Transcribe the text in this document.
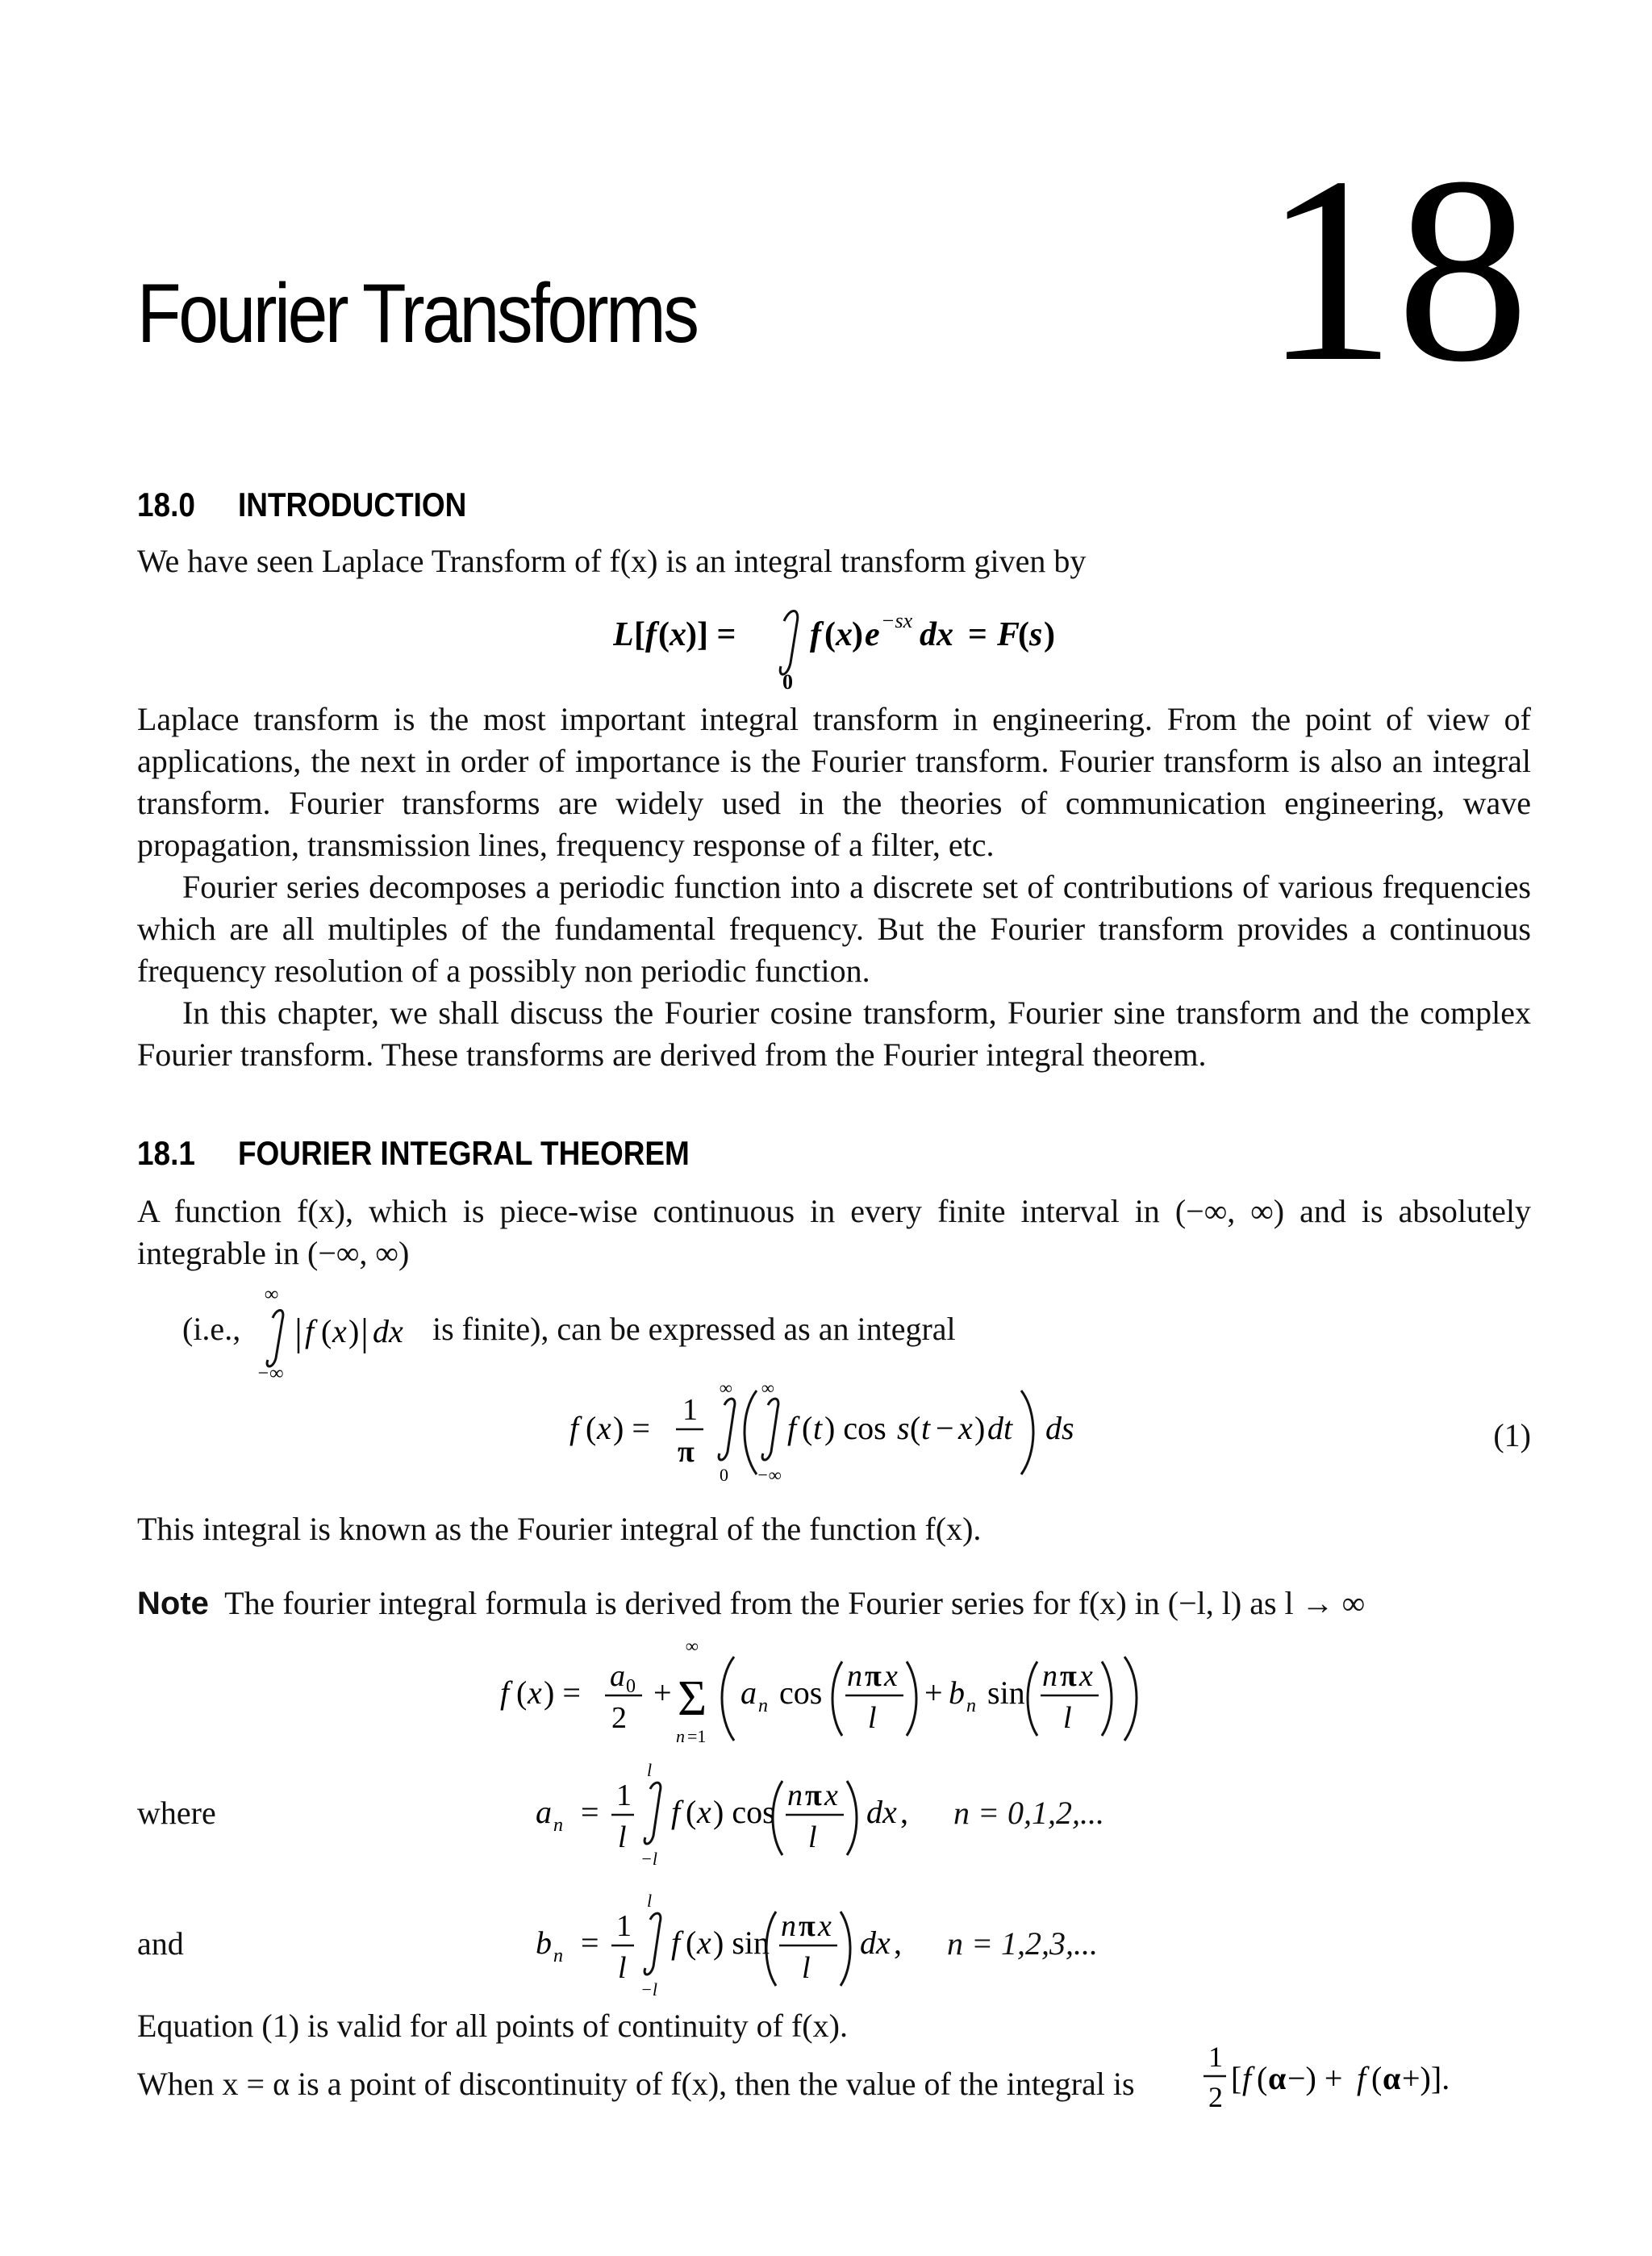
Fourier Transforms 18
18.0 INTRODUCTION
We have seen Laplace Transform of f(x) is an integral transform given by
L [ f ( x )] =
0
f ( x ) e −sx dx = F
( s )
Laplace transform is the most important integral transform in engineering. From the point of view of applications, the next in order of importance is the Fourier transform. Fourier transform is also an integral transform. Fourier transforms are widely used in the theories of communication engineering, wave propagation, transmission lines, frequency response of a filter, etc.
Fourier series decomposes a periodic function into a discrete set of contributions of various frequencies which are all multiples of the fundamental frequency. But the Fourier transform provides a continuous frequency resolution of a possibly non periodic function.
In this chapter, we shall discuss the Fourier cosine transform, Fourier sine transform and the complex Fourier transform. These transforms are derived from the Fourier integral theorem.
18.1 FOURIER INTEGRAL THEOREM
A function f(x), which is piece-wise continuous in every finite interval in (−∞, ∞) and is absolutely integrable in (−∞, ∞)
(i.e.,
∞
−∞
f ( x ) dx is finite), can be expressed as an integral
f ( x ) = 1
π
∞
0
∞
−∞
f ( t ) cos s ( t − x ) dt ds	(1)
This integral is known as the Fourier integral of the function f(x).
Note The fourier integral formula is derived from the Fourier series for f(x) in (−l, l) as l → ∞
f ( x ) = a 0
2
+
∞
Σ
n =1
a n cos n π x
l
+ b n sin n π x
l
where	a n = 1
l
l
−l
f ( x ) cos n π x
l
dx , n = 0,1,2,...
and	b n = 1
l
l
−l
f ( x ) sin n π x
l
dx , n = 1,2,3,...
Equation (1) is valid for all points of continuity of f(x).
When x = α is a point of discontinuity of f(x), then the value of the integral is
1
2
[ f ( α −) + f ( α +)].
